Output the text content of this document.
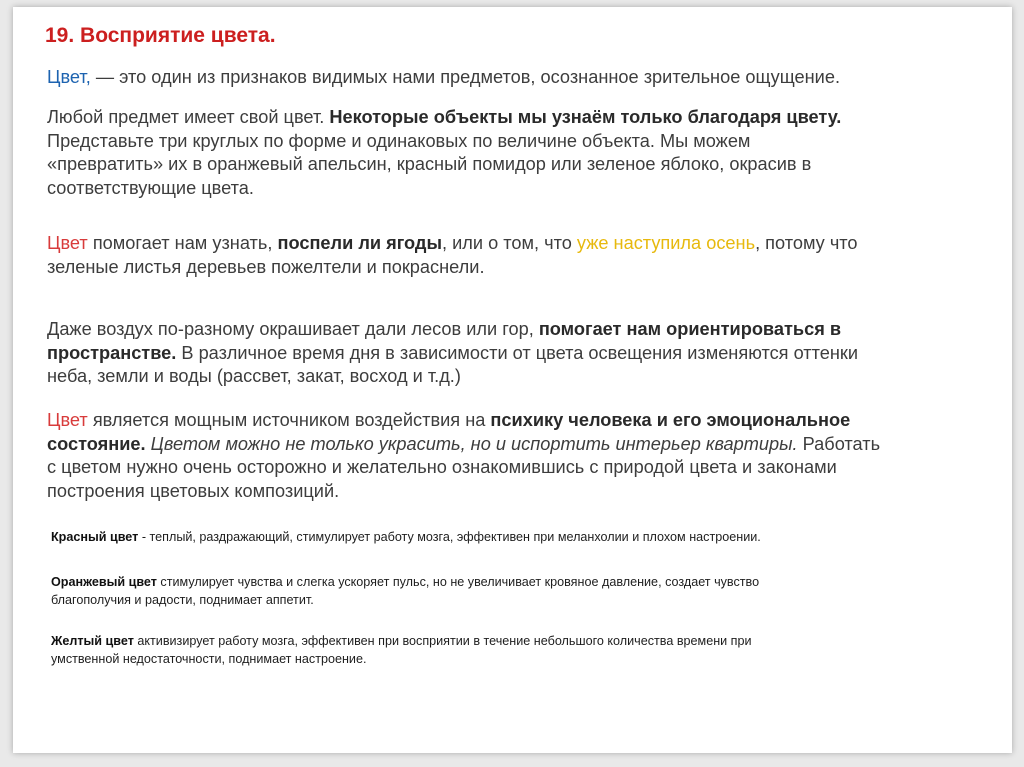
19. Восприятие цвета.
Цвет, — это один из признаков видимых нами предметов, осознанное зрительное ощущение.
Любой предмет имеет свой цвет. Некоторые объекты мы узнаём только благодаря цвету.
Представьте три круглых по форме и одинаковых по величине объекта. Мы можем
«превратить» их в оранжевый апельсин, красный помидор или зеленое яблоко, окрасив в
соответствующие цвета.
Цвет помогает нам узнать, поспели ли ягоды, или о том, что уже наступила осень, потому что
зеленые листья деревьев пожелтели и покраснели.
Даже воздух по-разному окрашивает дали лесов или гор, помогает нам ориентироваться в
пространстве. В различное время дня в зависимости от цвета освещения изменяются оттенки
неба, земли и воды (рассвет, закат, восход и т.д.)
Цвет является мощным источником воздействия на психику человека и его эмоциональное
состояние. Цветом можно не только украсить, но и испортить интерьер квартиры. Работать
с цветом нужно очень осторожно и желательно ознакомившись с природой цвета и законами
построения цветовых композиций.
Красный цвет - теплый, раздражающий, стимулирует работу мозга, эффективен при меланхолии и плохом настроении.
Оранжевый цвет стимулирует чувства и слегка ускоряет пульс, но не увеличивает кровяное давление, создает чувство
благополучия и радости, поднимает аппетит.
Желтый цвет активизирует работу мозга, эффективен при восприятии в течение небольшого количества времени при
умственной недостаточности, поднимает настроение.
